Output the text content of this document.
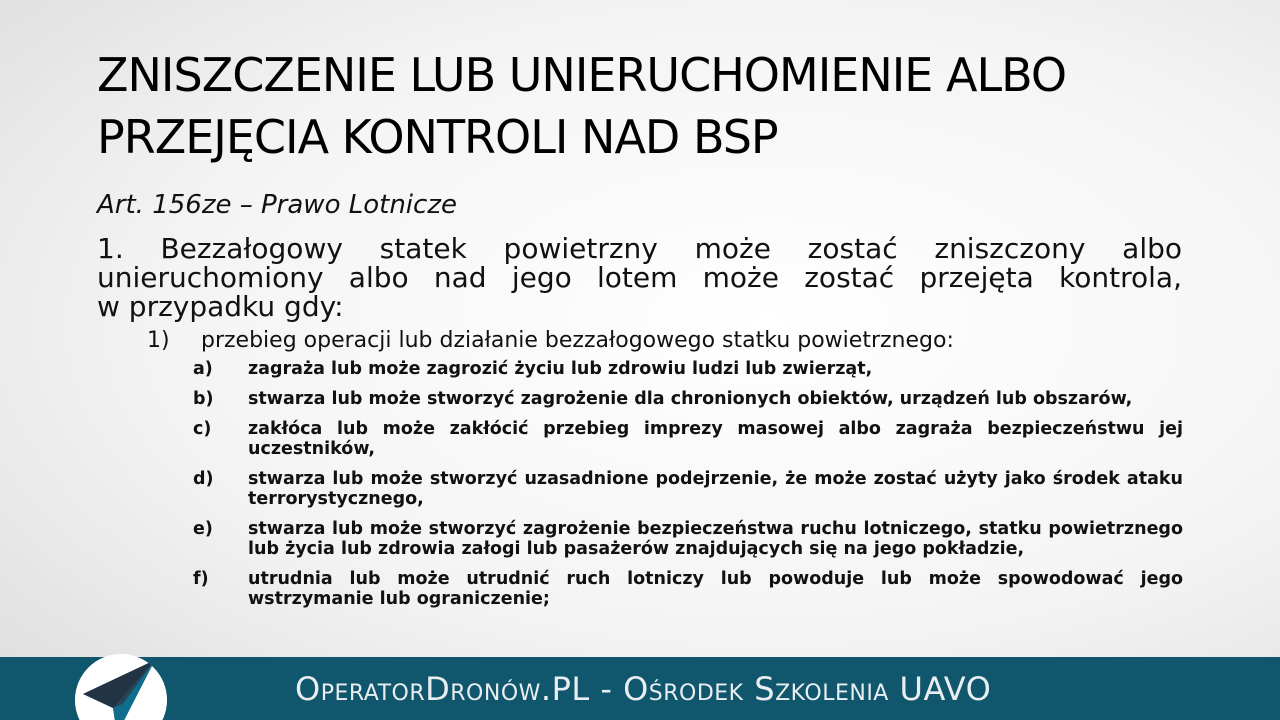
ZNISZCZENIE LUB UNIERUCHOMIENIE ALBO
PRZEJĘCIA KONTROLI NAD BSP
Art. 156ze – Prawo Lotnicze
1. Bezzałogowy statek powietrzny może zostać zniszczony albo
unieruchomiony albo nad jego lotem może zostać przejęta kontrola,
w przypadku gdy:
1) przebieg operacji lub działanie bezzałogowego statku powietrznego:
a)	zagraża lub może zagrozić życiu lub zdrowiu ludzi lub zwierząt,
b)	stwarza lub może stworzyć zagrożenie dla chronionych obiektów, urządzeń lub obszarów,
c)	zakłóca lub może zakłócić przebieg imprezy masowej albo zagraża bezpieczeństwu jej uczestników,
d)	stwarza lub może stworzyć uzasadnione podejrzenie, że może zostać użyty jako środek ataku terrorystycznego,
e)	stwarza lub może stworzyć zagrożenie bezpieczeństwa ruchu lotniczego, statku powietrznego lub życia lub zdrowia załogi lub pasażerów znajdujących się na jego pokładzie,
f)	utrudnia lub może utrudnić ruch lotniczy lub powoduje lub może spowodować jego wstrzymanie lub ograniczenie;
OperatorDronów.PL - Ośrodek Szkolenia UAVO
